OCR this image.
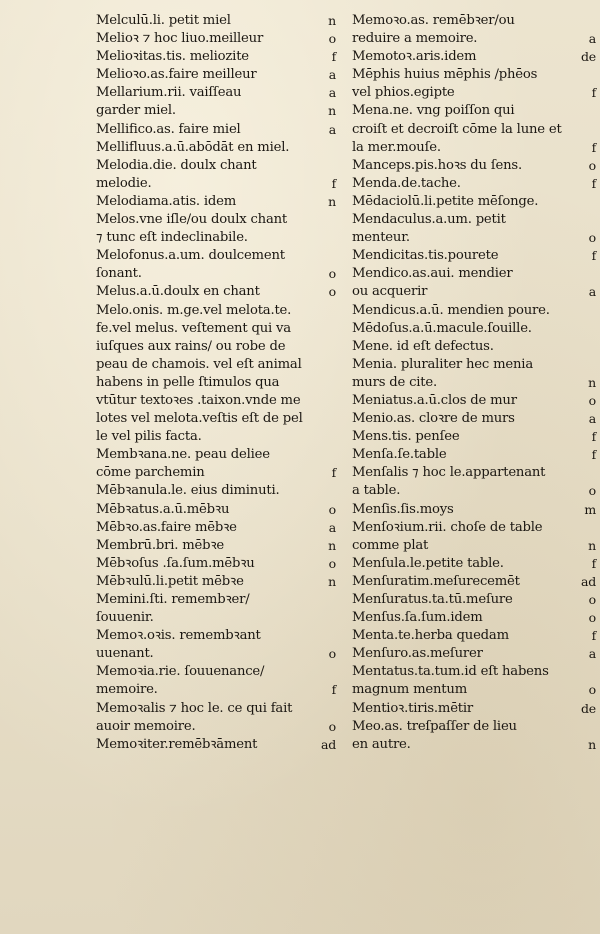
Melculū.li. petit miel	n
Melioꝛ ⁊ hoc liuo.meilleur	o
Melioꝛitas.tis. meliozite	f
Melioꝛo.as.faire meilleur	a
Mellarium.rii. vaiſſeau	a
garder miel.	n
Mellifico.as. faire miel	a
Mellifluus.a.ū.abōdāt en miel.
Melodia.die. doulx chant
melodie.	f
Melodiama.atis. idem	n
Melos.vne iſle/ou doulx chant
⁊ tunc eſt indeclinabile.
Melofonus.a.um. doulcement
ſonant.	o
Melus.a.ū.doulx en chant	o
Melo.onis. m.ge.vel melota.te.
fe.vel melus. veſtement qui va
iuſques aux rains/ ou robe de
peau de chamois. vel eſt animal
habens in pelle ſtimulos qua
vtūtur textoꝛes .taixon.vnde me
lotes vel melota.veſtis eſt de pel
le vel pilis facta.
Membꝛana.ne. peau deliee
cōme parchemin	f
Mēbꝛanula.le. eius diminuti.
Mēbꝛatus.a.ū.mēbꝛu	o
Mēbꝛo.as.faire mēbꝛe	a
Membrū.bri. mēbꝛe	n
Mēbꝛoſus .ſa.ſum.mēbꝛu	o
Mēbꝛulū.li.petit mēbꝛe	n
Memini.ſti. remembꝛer/
ſouuenir.
Memoꝛ.oꝛis. remembꝛant
uuenant.	o
Memoꝛia.rie. ſouuenance/
memoire.	f
Memoꝛalis ⁊ hoc le. ce qui fait
auoir memoire.	o
Memoꝛiter.remēbꝛāment	ad
Memoꝛo.as. remēbꝛer/ou
reduire a memoire.	a
Memotoꝛ.aris.idem	de
Mēphis huius mēphis /phēos
vel phios.egipte	f
Mena.ne. vng poiſſon qui
croiſt et decroiſt cōme la lune et
la mer.mouſe.	f
Manceps.pis.hoꝛs du ſens.	o
Menda.de.tache.	f
Mēdaciolū.li.petite mēſonge.
Mendaculus.a.um. petit
menteur.	o
Mendicitas.tis.pourete	f
Mendico.as.aui. mendier
ou acquerir	a
Mendicus.a.ū. mendien poure.
Mēdoſus.a.ū.macule.ſouille.
Mene. id eſt defectus.
Menia. pluraliter hec menia
murs de cite.	n
Meniatus.a.ū.clos de mur	o
Menio.as. cloꝛre de murs	a
Mens.tis. penſee	f
Menſa.ſe.table	f
Menſalis ⁊ hoc le.appartenant
a table.	o
Menſis.ſis.moys	m
Menſoꝛium.rii. choſe de table
comme plat	n
Menſula.le.petite table.	f
Menſuratim.meſurecemēt	ad
Menſuratus.ta.tū.meſure	o
Menſus.ſa.ſum.idem	o
Menta.te.herba quedam	f
Menſuro.as.meſurer	a
Mentatus.ta.tum.id eſt habens
magnum mentum	o
Mentioꝛ.tiris.mētir	de
Meo.as. treſpaſſer de lieu
en autre.	n
